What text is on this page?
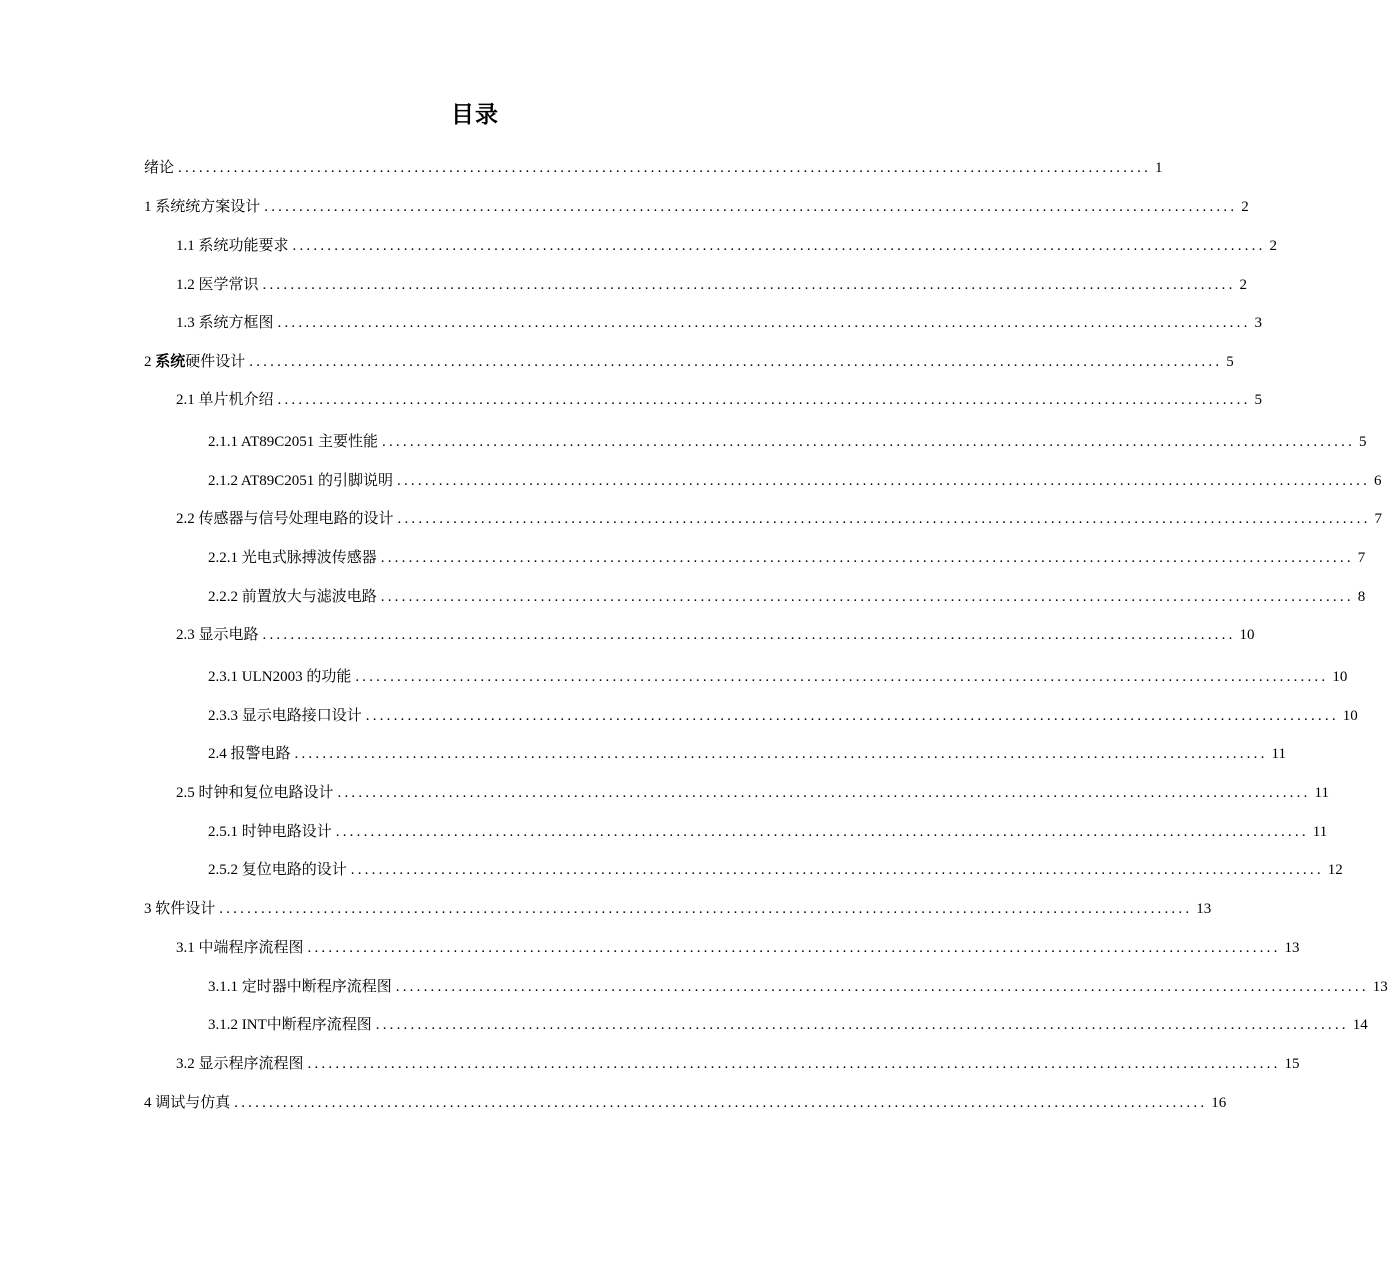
目录
绪论 ............................................................................................................................................ 1
1 系统统方案设计 ............................................................................................................................................ 2
1.1 系统功能要求 ............................................................................................................................................ 2
1.2 医学常识 ............................................................................................................................................ 2
1.3 系统方框图 ............................................................................................................................................ 3
2 系统硬件设计 ............................................................................................................................................ 5
2.1 单片机介绍 ............................................................................................................................................ 5
2.1.1 AT89C2051 主要性能 ............................................................................................................................................ 5
2.1.2 AT89C2051 的引脚说明 ............................................................................................................................................ 6
2.2 传感器与信号处理电路的设计 ............................................................................................................................................ 7
2.2.1 光电式脉搏波传感器 ............................................................................................................................................ 7
2.2.2 前置放大与滤波电路 ............................................................................................................................................ 8
2.3 显示电路 ............................................................................................................................................ 10
2.3.1 ULN2003 的功能 ............................................................................................................................................ 10
2.3.3 显示电路接口设计 ............................................................................................................................................ 10
2.4 报警电路 ............................................................................................................................................ 11
2.5 时钟和复位电路设计 ............................................................................................................................................ 11
2.5.1 时钟电路设计 ............................................................................................................................................ 11
2.5.2 复位电路的设计 ............................................................................................................................................ 12
3 软件设计 ............................................................................................................................................ 13
3.1 中端程序流程图 ............................................................................................................................................ 13
3.1.1 定时器中断程序流程图 ............................................................................................................................................ 13
3.1.2 INT中断程序流程图 ............................................................................................................................................ 14
3.2 显示程序流程图 ............................................................................................................................................ 15
4 调试与仿真 ............................................................................................................................................ 16
